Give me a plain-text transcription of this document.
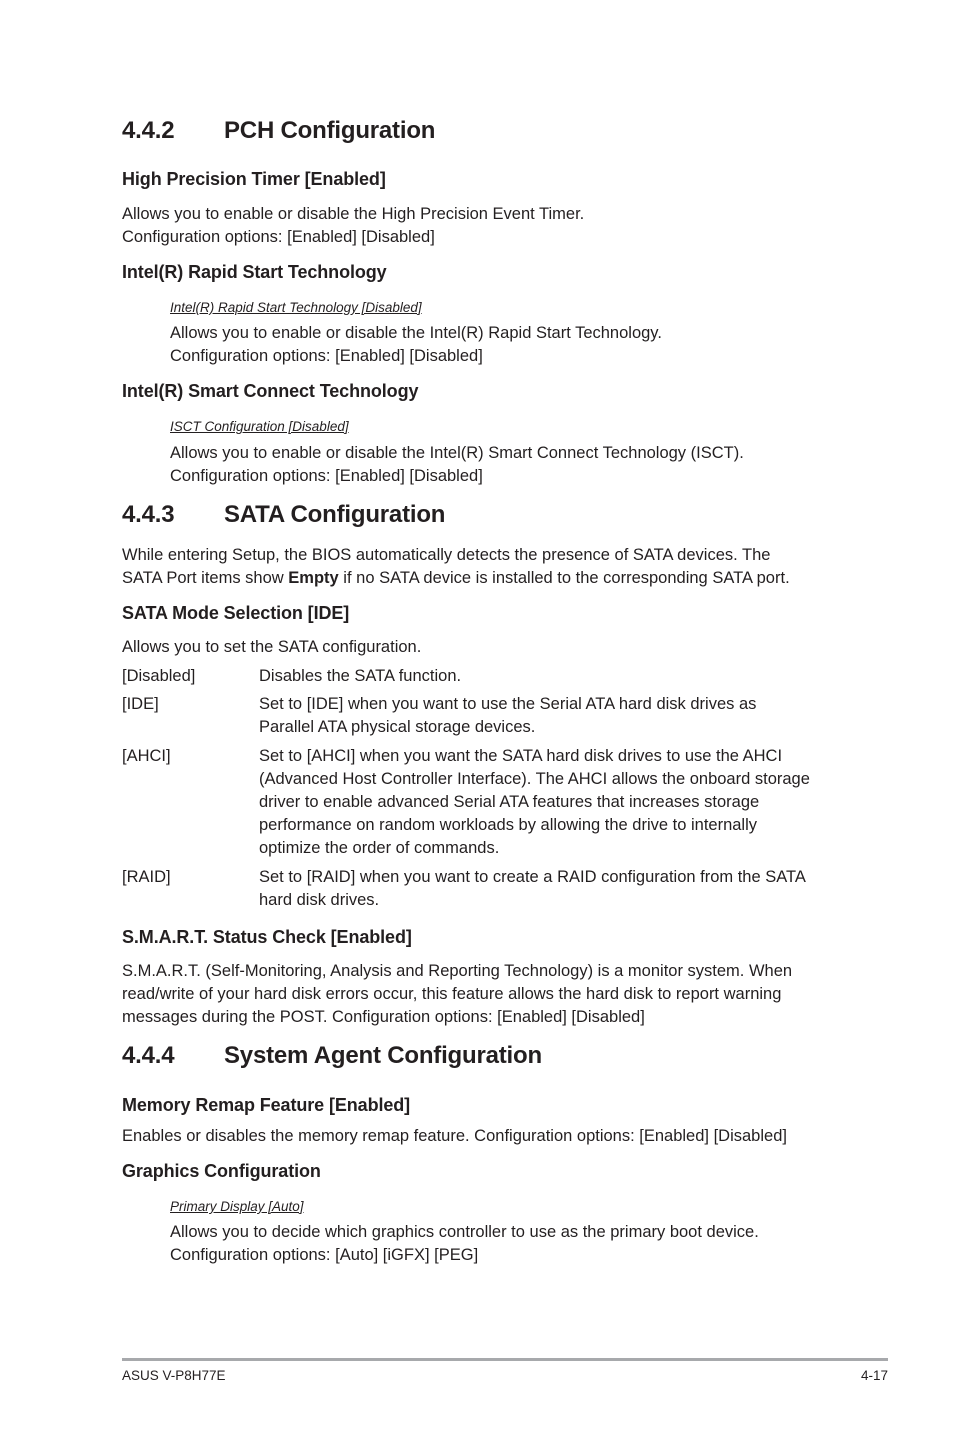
4.4.2 PCH Configuration
High Precision Timer [Enabled]
Allows you to enable or disable the High Precision Event Timer.
Configuration options: [Enabled] [Disabled]
Intel(R) Rapid Start Technology
Intel(R) Rapid Start Technology [Disabled]
Allows you to enable or disable the Intel(R) Rapid Start Technology.
Configuration options: [Enabled] [Disabled]
Intel(R) Smart Connect Technology
ISCT Configuration [Disabled]
Allows you to enable or disable the Intel(R) Smart Connect Technology (ISCT).
Configuration options: [Enabled] [Disabled]
4.4.3 SATA Configuration
While entering Setup, the BIOS automatically detects the presence of SATA devices. The
SATA Port items show Empty if no SATA device is installed to the corresponding SATA port.
SATA Mode Selection [IDE]
Allows you to set the SATA configuration.
[Disabled]	Disables the SATA function.
[IDE]	Set to [IDE] when you want to use the Serial ATA hard disk drives as
Parallel ATA physical storage devices.
[AHCI]	Set to [AHCI] when you want the SATA hard disk drives to use the AHCI
(Advanced Host Controller Interface). The AHCI allows the onboard storage
driver to enable advanced Serial ATA features that increases storage
performance on random workloads by allowing the drive to internally
optimize the order of commands.
[RAID]	Set to [RAID] when you want to create a RAID configuration from the SATA
hard disk drives.
S.M.A.R.T. Status Check [Enabled]
S.M.A.R.T. (Self-Monitoring, Analysis and Reporting Technology) is a monitor system. When
read/write of your hard disk errors occur, this feature allows the hard disk to report warning
messages during the POST. Configuration options: [Enabled] [Disabled]
4.4.4 System Agent Configuration
Memory Remap Feature [Enabled]
Enables or disables the memory remap feature. Configuration options: [Enabled] [Disabled]
Graphics Configuration
Primary Display [Auto]
Allows you to decide which graphics controller to use as the primary boot device.
Configuration options: [Auto] [iGFX] [PEG]
ASUS V-P8H77E	4-17
